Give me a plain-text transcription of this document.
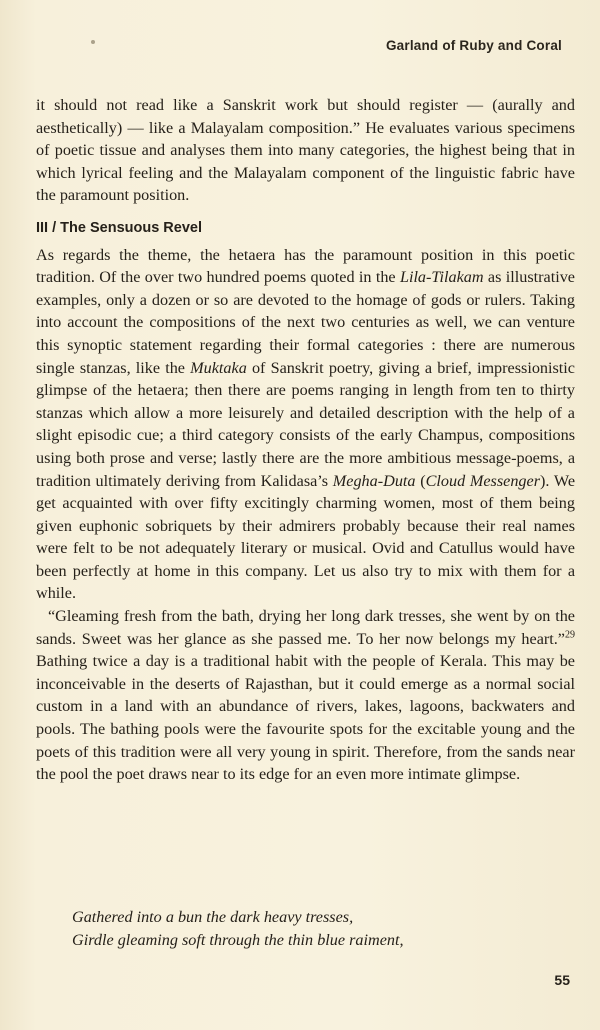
Garland of Ruby and Coral

it should not read like a Sanskrit work but should register — (aurally and aesthetically) — like a Malayalam composition.” He evaluates various specimens of poetic tissue and analyses them into many categories, the highest being that in which lyrical feeling and the Malayalam component of the linguistic fabric have the paramount position.

III / The Sensuous Revel

As regards the theme, the hetaera has the paramount position in this poetic tradition. Of the over two hundred poems quoted in the Lila-Tilakam as illustrative examples, only a dozen or so are devoted to the homage of gods or rulers. Taking into account the compositions of the next two centuries as well, we can venture this synoptic statement regarding their formal categories : there are numerous single stanzas, like the Muktaka of Sanskrit poetry, giving a brief, impressionistic glimpse of the hetaera; then there are poems ranging in length from ten to thirty stanzas which allow a more leisurely and detailed description with the help of a slight episodic cue; a third category consists of the early Champus, compositions using both prose and verse; lastly there are the more ambitious message-poems, a tradition ultimately deriving from Kalidasa’s Megha-Duta (Cloud Messenger). We get acquainted with over fifty excitingly charming women, most of them being given euphonic sobriquets by their admirers probably because their real names were felt to be not adequately literary or musical. Ovid and Catullus would have been perfectly at home in this company. Let us also try to mix with them for a while.

“Gleaming fresh from the bath, drying her long dark tresses, she went by on the sands. Sweet was her glance as she passed me. To her now belongs my heart.”$^{29}$ Bathing twice a day is a traditional habit with the people of Kerala. This may be inconceivable in the deserts of Rajasthan, but it could emerge as a normal social custom in a land with an abundance of rivers, lakes, lagoons, backwaters and pools. The bathing pools were the favourite spots for the excitable young and the poets of this tradition were all very young in spirit. Therefore, from the sands near the pool the poet draws near to its edge for an even more intimate glimpse.

Gathered into a bun the dark heavy tresses,
Girdle gleaming soft through the thin blue raiment,
55
